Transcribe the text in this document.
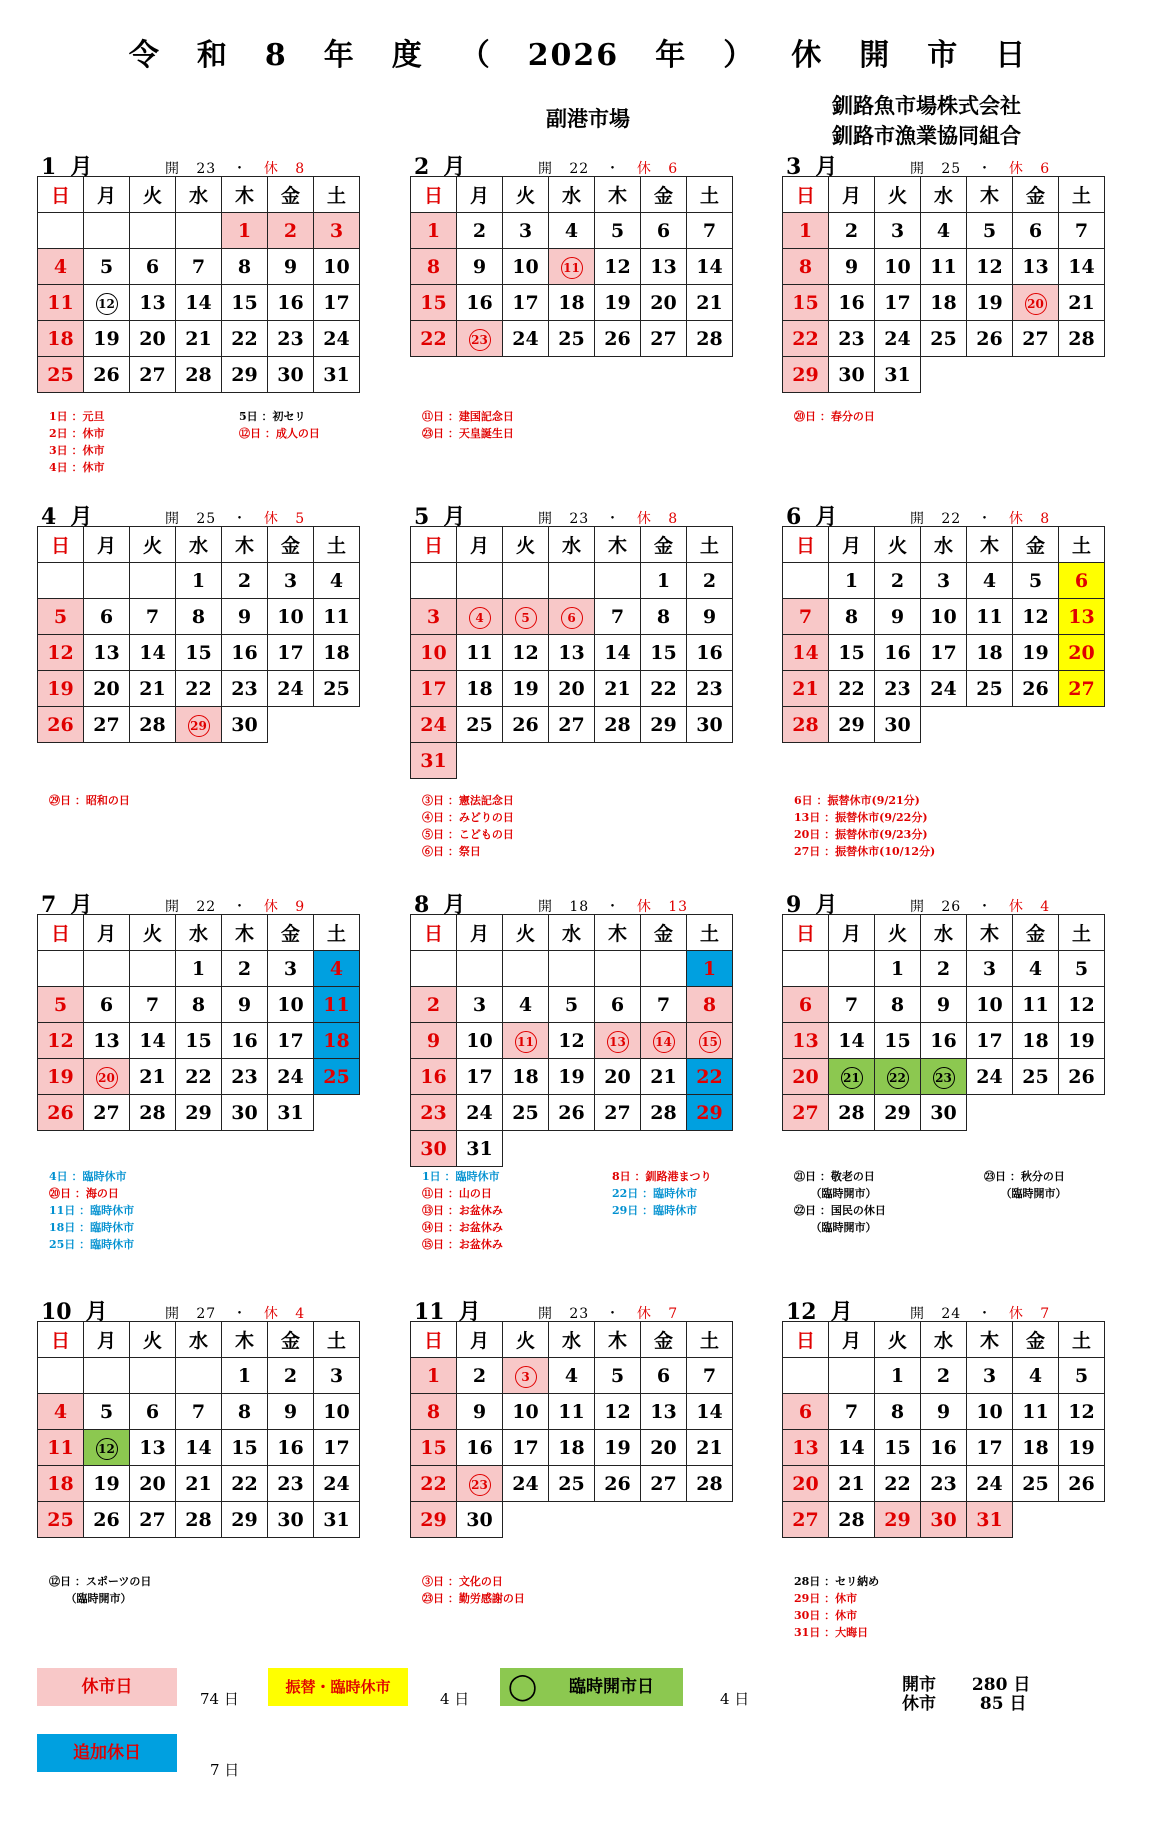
令 和 8 年 度 （ 2026 年 ） 休 開 市 日
副港市場
釧路魚市場株式会社
釧路市漁業協同組合
1 月	開 23   ・   休 8
日	月	火	水	木	金	土
				1	2	3
4	5	6	7	8	9	10
11	12	13	14	15	16	17
18	19	20	21	22	23	24
25	26	27	28	29	30	31
1日 ：元旦
2日 ：休市
3日 ：休市
4日 ：休市
5日 ：初セリ
⑫日 ：成人の日
2 月	開 22   ・   休 6
日	月	火	水	木	金	土
1	2	3	4	5	6	7
8	9	10	11	12	13	14
15	16	17	18	19	20	21
22	23	24	25	26	27	28
⑪日 ：建国記念日
㉓日 ：天皇誕生日
3 月	開 25   ・   休 6
日	月	火	水	木	金	土
1	2	3	4	5	6	7
8	9	10	11	12	13	14
15	16	17	18	19	20	21
22	23	24	25	26	27	28
29	30	31				
⑳日 ：春分の日
4 月	開 25   ・   休 5
日	月	火	水	木	金	土
			1	2	3	4
5	6	7	8	9	10	11
12	13	14	15	16	17	18
19	20	21	22	23	24	25
26	27	28	29	30		
㉙日 ：昭和の日
5 月	開 23   ・   休 8
日	月	火	水	木	金	土
					1	2
3	4	5	6	7	8	9
10	11	12	13	14	15	16
17	18	19	20	21	22	23
24	25	26	27	28	29	30
31						
③日 ：憲法記念日
④日 ：みどりの日
⑤日 ：こどもの日
⑥日 ：祭日
6 月	開 22   ・   休 8
日	月	火	水	木	金	土
	1	2	3	4	5	6
7	8	9	10	11	12	13
14	15	16	17	18	19	20
21	22	23	24	25	26	27
28	29	30				
6日 ：振替休市(9/21分)
13日 ：振替休市(9/22分)
20日 ：振替休市(9/23分)
27日 ：振替休市(10/12分)
7 月	開 22   ・   休 9
日	月	火	水	木	金	土
			1	2	3	4
5	6	7	8	9	10	11
12	13	14	15	16	17	18
19	20	21	22	23	24	25
26	27	28	29	30	31	
4日 ：臨時休市
⑳日 ：海の日
11日 ：臨時休市
18日 ：臨時休市
25日 ：臨時休市
8 月	開 18   ・   休 13
日	月	火	水	木	金	土
						1
2	3	4	5	6	7	8
9	10	11	12	13	14	15
16	17	18	19	20	21	22
23	24	25	26	27	28	29
30	31					
1日 ：臨時休市
⑪日 ：山の日
⑬日 ：お盆休み
⑭日 ：お盆休み
⑮日 ：お盆休み
8日 ：釧路港まつり
22日 ：臨時休市
29日 ：臨時休市
9 月	開 26   ・   休 4
日	月	火	水	木	金	土
		1	2	3	4	5
6	7	8	9	10	11	12
13	14	15	16	17	18	19
20	21	22	23	24	25	26
27	28	29	30			
㉑日 ：敬老の日
　　（臨時開市）
㉒日 ：国民の休日
　　（臨時開市）
㉓日 ：秋分の日
　　（臨時開市）
10 月	開 27   ・   休 4
日	月	火	水	木	金	土
				1	2	3
4	5	6	7	8	9	10
11	12	13	14	15	16	17
18	19	20	21	22	23	24
25	26	27	28	29	30	31
⑫日 ：スポーツの日
　　（臨時開市）
11 月	開 23   ・   休 7
日	月	火	水	木	金	土
1	2	3	4	5	6	7
8	9	10	11	12	13	14
15	16	17	18	19	20	21
22	23	24	25	26	27	28
29	30					
③日 ：文化の日
㉓日 ：勤労感謝の日
12 月	開 24   ・   休 7
日	月	火	水	木	金	土
		1	2	3	4	5
6	7	8	9	10	11	12
13	14	15	16	17	18	19
20	21	22	23	24	25	26
27	28	29	30	31		
28日 ：セリ納め
29日 ：休市
30日 ：休市
31日 ：大晦日
休市日
74 日
振替・臨時休市
4 日 ◯ 臨時開市日
4 日
追加休日
7 日
開市 280 日
休市	85 日
